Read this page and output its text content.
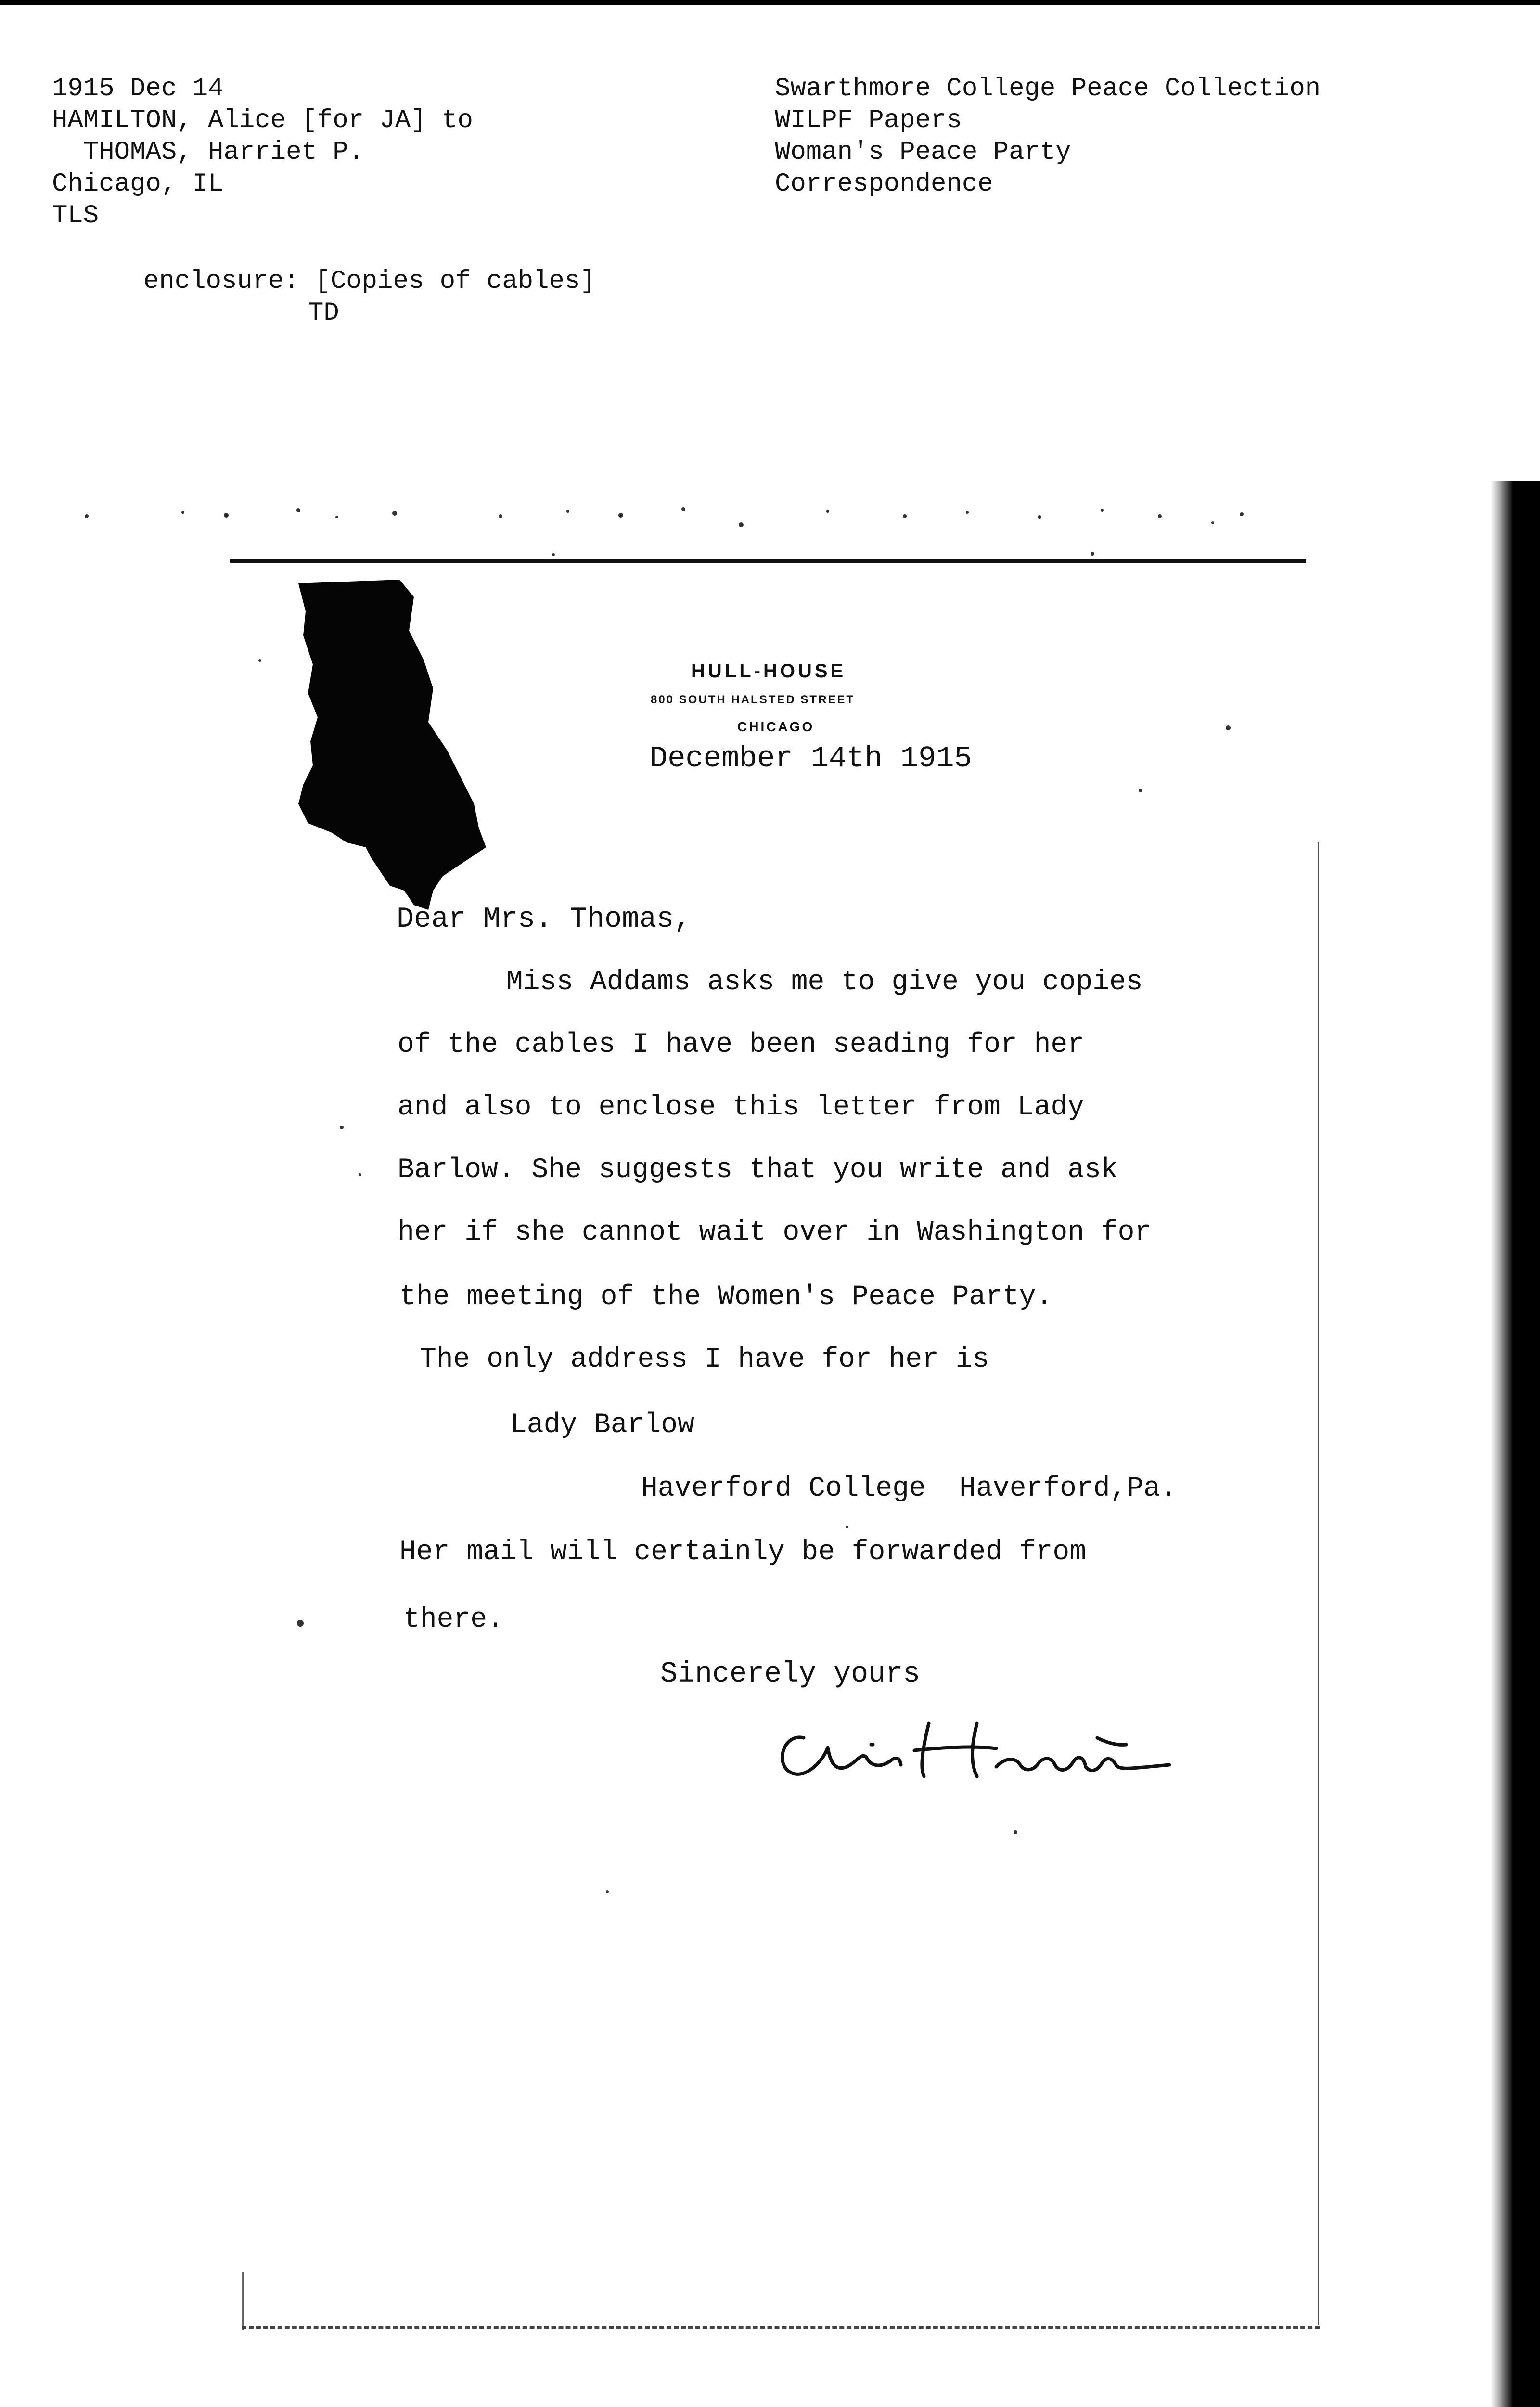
1915 Dec 14
HAMILTON, Alice [for JA] to
THOMAS, Harriet P.
Chicago, IL
TLS
Swarthmore College Peace Collection
WILPF Papers
Woman's Peace Party
Correspondence
enclosure: [Copies of cables]
TD
HULL-HOUSE
800 SOUTH HALSTED STREET
CHICAGO
December 14th 1915
Dear Mrs. Thomas,
Miss Addams asks me to give you copies
of the cables I have been seading for her
and also to enclose this letter from Lady
Barlow. She suggests that you write and ask
her if she cannot wait over in Washington for
the meeting of the Women's Peace Party.
The only address I have for her is
Lady Barlow
Haverford College  Haverford,Pa.
Her mail will certainly be forwarded from
there.
Sincerely yours
